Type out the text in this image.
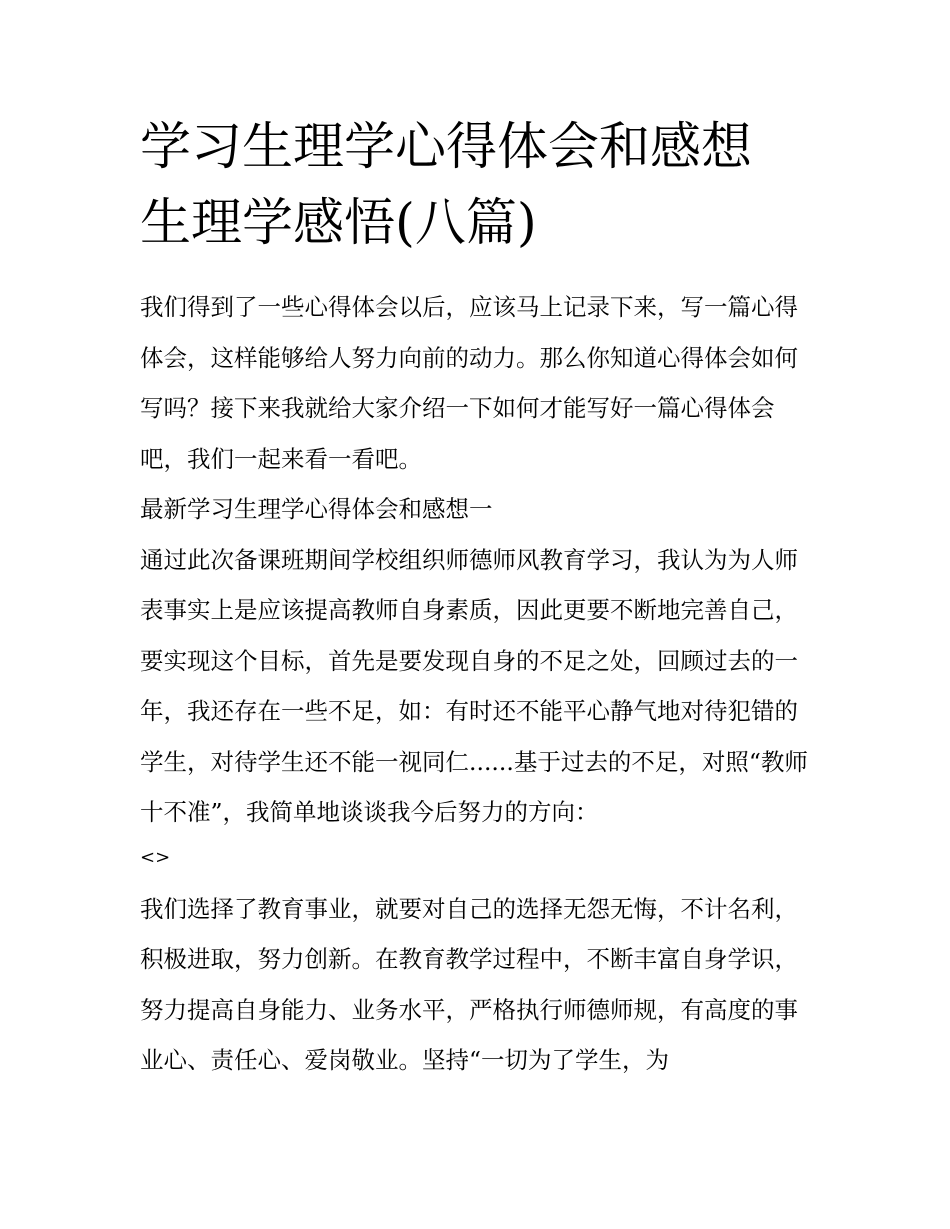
学习生理学心得体会和感想 生理学感悟(八篇)

我们得到了一些心得体会以后，应该马上记录下来，写一篇心得体会，这样能够给人努力向前的动力。那么你知道心得体会如何写吗？接下来我就给大家介绍一下如何才能写好一篇心得体会吧，我们一起来看一看吧。

最新学习生理学心得体会和感想一

通过此次备课班期间学校组织师德师风教育学习，我认为为人师表事实上是应该提高教师自身素质，因此更要不断地完善自己，要实现这个目标，首先是要发现自身的不足之处，回顾过去的一年，我还存在一些不足，如：有时还不能平心静气地对待犯错的学生，对待学生还不能一视同仁......基于过去的不足，对照“教师十不准”，我简单地谈谈我今后努力的方向：

<>

我们选择了教育事业，就要对自己的选择无怨无悔，不计名利，积极进取，努力创新。在教育教学过程中，不断丰富自身学识，努力提高自身能力、业务水平，严格执行师德师规，有高度的事业心、责任心、爱岗敬业。坚持“一切为了学生，为
